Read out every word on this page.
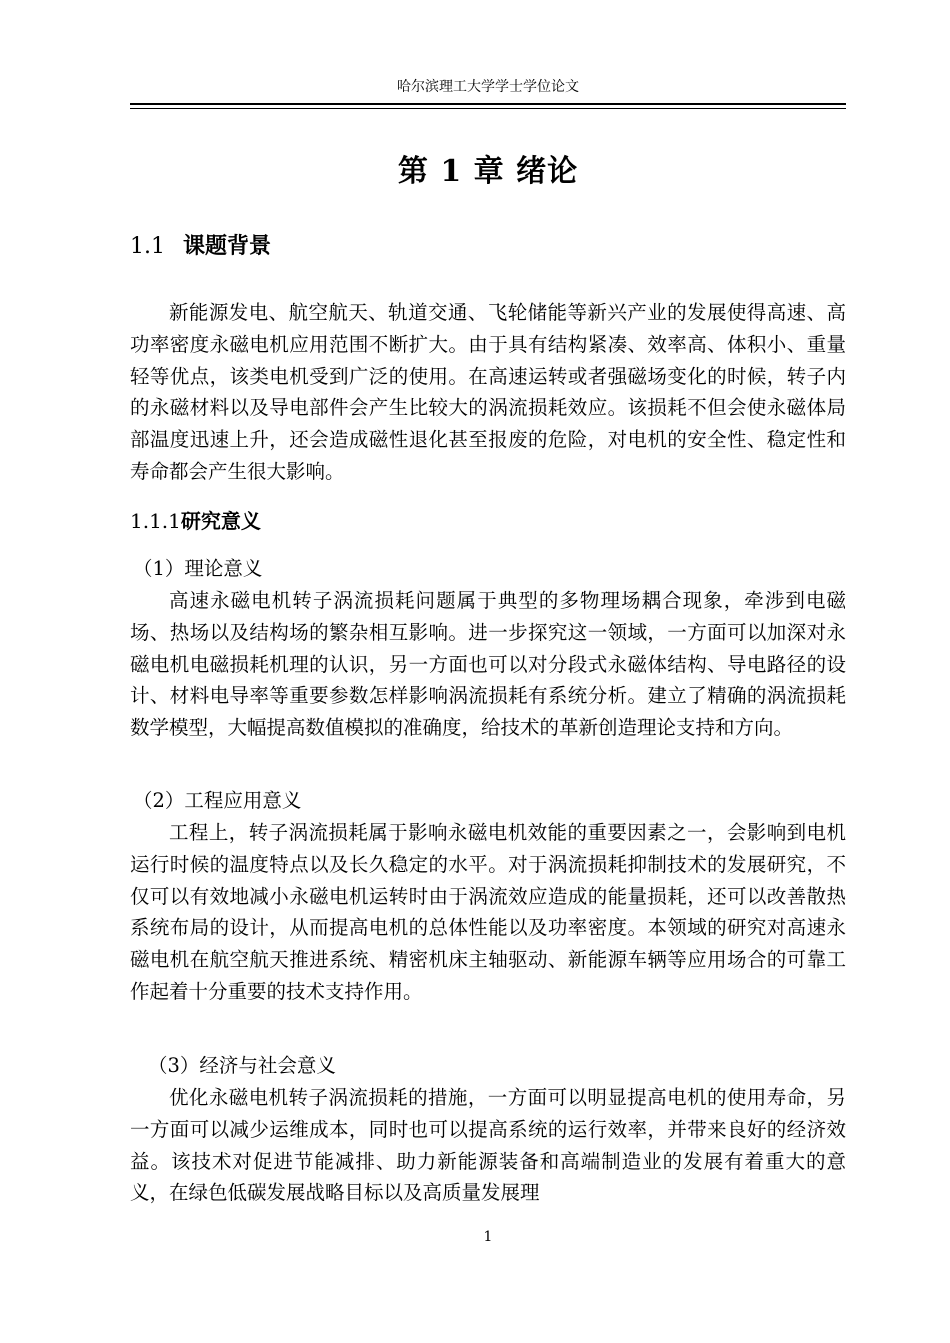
哈尔滨理工大学学士学位论文
第 1 章 绪论
1.1 课题背景

新能源发电、航空航天、轨道交通、飞轮储能等新兴产业的发展使得高速、高功率密度永磁电机应用范围不断扩大。由于具有结构紧凑、效率高、体积小、重量轻等优点，该类电机受到广泛的使用。在高速运转或者强磁场变化的时候，转子内的永磁材料以及导电部件会产生比较大的涡流损耗效应。该损耗不但会使永磁体局部温度迅速上升，还会造成磁性退化甚至报废的危险，对电机的安全性、稳定性和寿命都会产生很大影响。

1.1.1研究意义
（1）理论意义

高速永磁电机转子涡流损耗问题属于典型的多物理场耦合现象，牵涉到电磁场、热场以及结构场的繁杂相互影响。进一步探究这一领域，一方面可以加深对永磁电机电磁损耗机理的认识，另一方面也可以对分段式永磁体结构、导电路径的设计、材料电导率等重要参数怎样影响涡流损耗有系统分析。建立了精确的涡流损耗数学模型，大幅提高数值模拟的准确度，给技术的革新创造理论支持和方向。

（2）工程应用意义

工程上，转子涡流损耗属于影响永磁电机效能的重要因素之一，会影响到电机运行时候的温度特点以及长久稳定的水平。对于涡流损耗抑制技术的发展研究，不仅可以有效地减小永磁电机运转时由于涡流效应造成的能量损耗，还可以改善散热系统布局的设计，从而提高电机的总体性能以及功率密度。本领域的研究对高速永磁电机在航空航天推进系统、精密机床主轴驱动、新能源车辆等应用场合的可靠工作起着十分重要的技术支持作用。

（3）经济与社会意义

优化永磁电机转子涡流损耗的措施，一方面可以明显提高电机的使用寿命，另一方面可以减少运维成本，同时也可以提高系统的运行效率，并带来良好的经济效益。该技术对促进节能减排、助力新能源装备和高端制造业的发展有着重大的意义，在绿色低碳发展战略目标以及高质量发展理

1
